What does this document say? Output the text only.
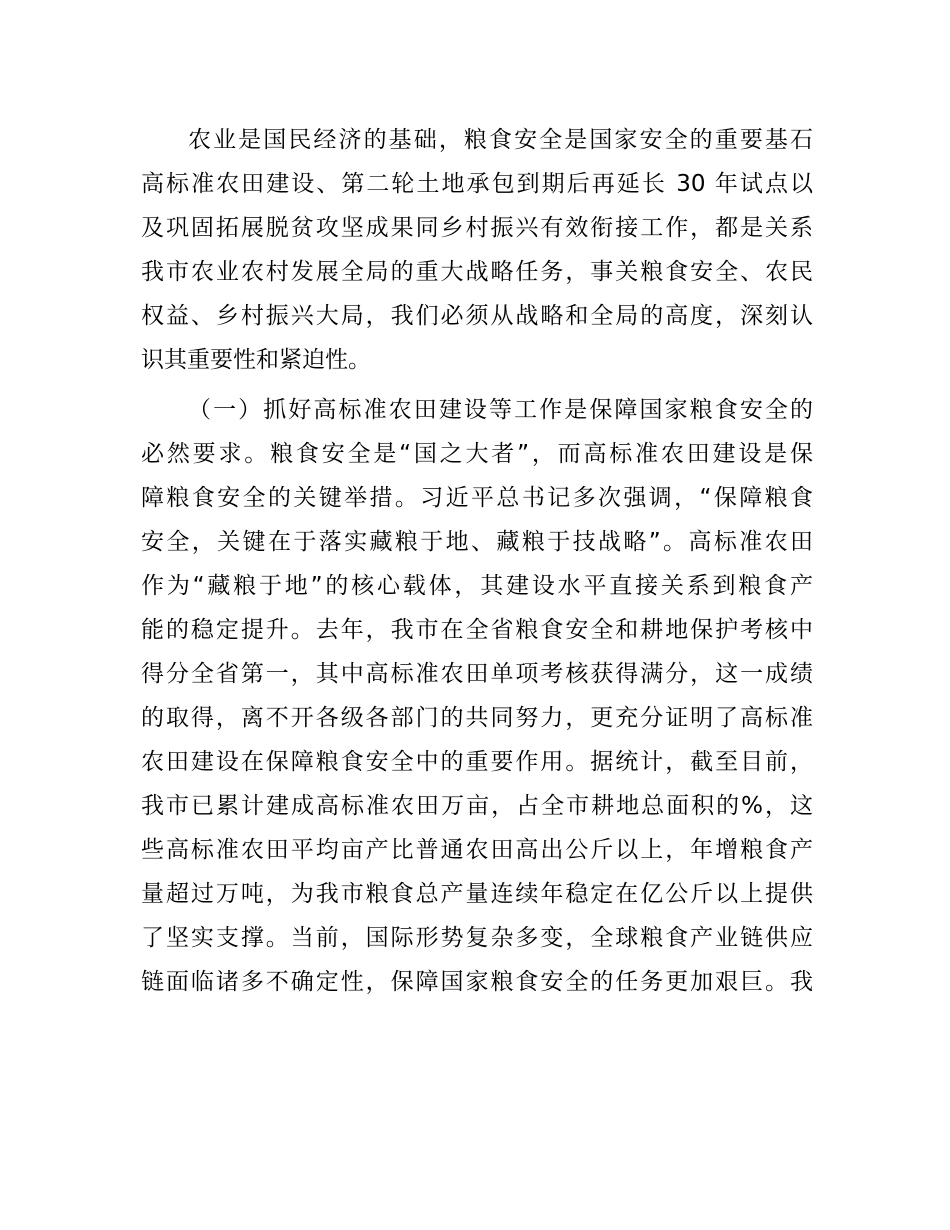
农业是国民经济的基础，粮食安全是国家安全的重要基石
高标准农田建设、第二轮土地承包到期后再延长 30 年试点以
及巩固拓展脱贫攻坚成果同乡村振兴有效衔接工作，都是关系
我市农业农村发展全局的重大战略任务，事关粮食安全、农民
权益、乡村振兴大局，我们必须从战略和全局的高度，深刻认
识其重要性和紧迫性。
（一）抓好高标准农田建设等工作是保障国家粮食安全的
必然要求。粮食安全是“国之大者”，而高标准农田建设是保
障粮食安全的关键举措。习近平总书记多次强调，“保障粮食
安全，关键在于落实藏粮于地、藏粮于技战略”。高标准农田
作为“藏粮于地”的核心载体，其建设水平直接关系到粮食产
能的稳定提升。去年，我市在全省粮食安全和耕地保护考核中
得分全省第一，其中高标准农田单项考核获得满分，这一成绩
的取得，离不开各级各部门的共同努力，更充分证明了高标准
农田建设在保障粮食安全中的重要作用。据统计，截至目前，
我市已累计建成高标准农田万亩，占全市耕地总面积的%，这
些高标准农田平均亩产比普通农田高出公斤以上，年增粮食产
量超过万吨，为我市粮食总产量连续年稳定在亿公斤以上提供
了坚实支撑。当前，国际形势复杂多变，全球粮食产业链供应
链面临诸多不确定性，保障国家粮食安全的任务更加艰巨。我
